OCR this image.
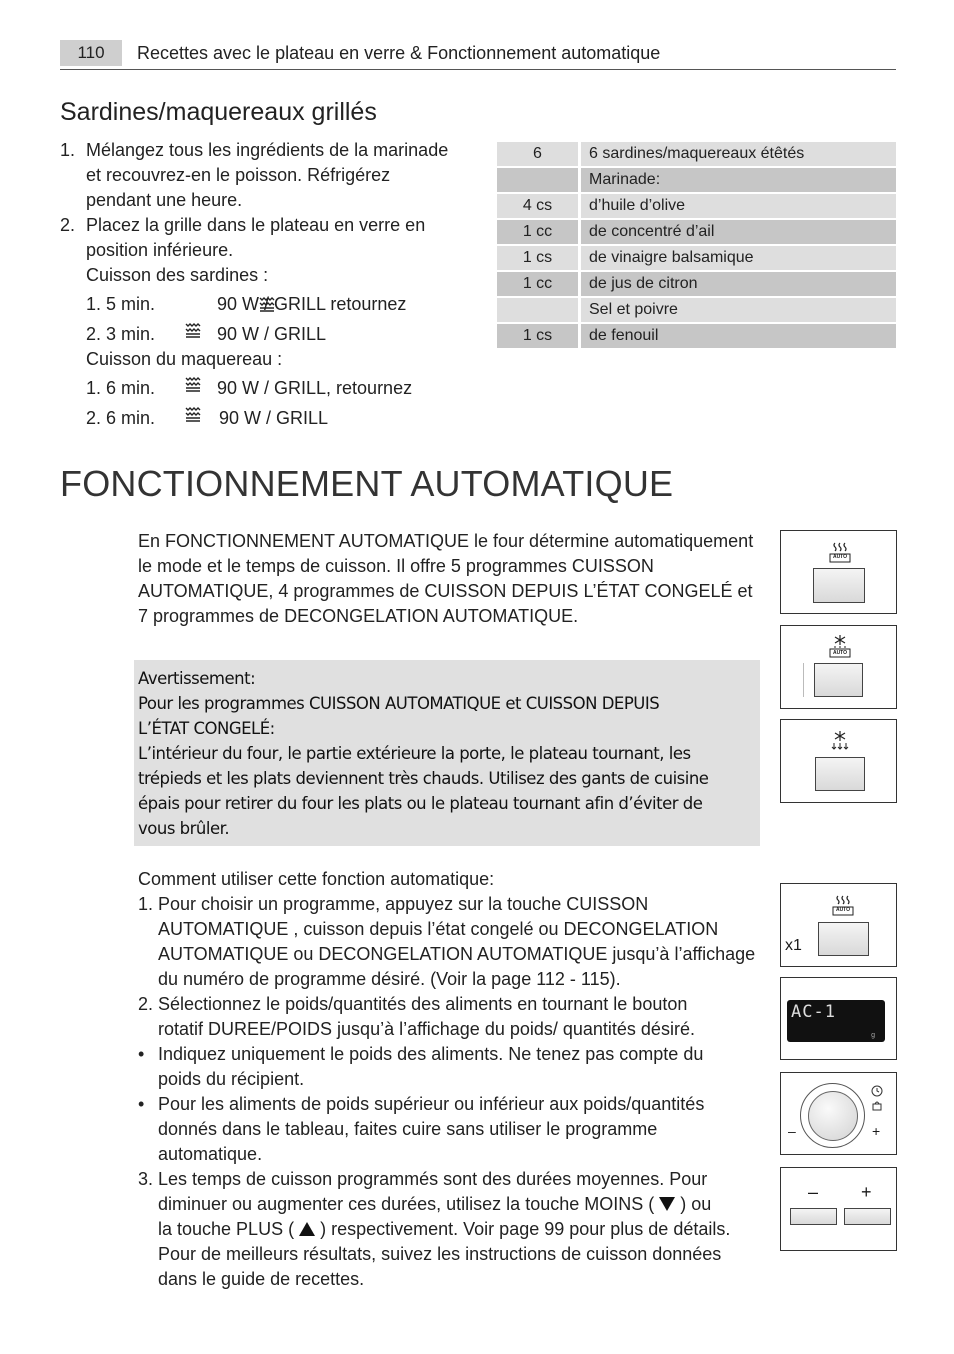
110	Recettes avec le plateau en verre & Fonctionnement automatique
Sardines/maquereaux grillés
1. Mélangez tous les ingrédients de la marinade
et recouvrez-en le poisson. Réfrigérez
pendant une heure.
2. Placez la grille dans le plateau en verre en
position inférieure.
Cuisson des sardines :
1. 5 min.	90 W / GRILL retournez
2. 3 min.	90 W / GRILL
Cuisson du maquereau :
1. 6 min.	90 W / GRILL, retournez
2. 6 min.	90 W / GRILL
6	6 sardines/maquereaux étêtés
	Marinade:
4 cs	d’huile d’olive
1 cc	de concentré d’ail
1 cs	de vinaigre balsamique
1 cc	de jus de citron
	Sel et poivre
1 cs	de fenouil
FONCTIONNEMENT AUTOMATIQUE
En FONCTIONNEMENT AUTOMATIQUE le four détermine automatiquement
le mode et le temps de cuisson. Il offre 5 programmes CUISSON
AUTOMATIQUE, 4 programmes de CUISSON DEPUIS L’ÉTAT CONGELÉ et
7 programmes de DECONGELATION AUTOMATIQUE.
Avertissement:
Pour les programmes CUISSON AUTOMATIQUE et CUISSON DEPUIS
L’ÉTAT CONGELÉ:
L’intérieur du four, le partie extérieure la porte, le plateau tournant, les
trépieds et les plats deviennent très chauds. Utilisez des gants de cuisine
épais pour retirer du four les plats ou le plateau tournant afin d’éviter de
vous brûler.
Comment utiliser cette fonction automatique:
1. Pour choisir un programme, appuyez sur la touche CUISSON
AUTOMATIQUE , cuisson depuis l’état congelé ou DECONGELATION
AUTOMATIQUE ou DECONGELATION AUTOMATIQUE jusqu’à l’affichage
du numéro de programme désiré. (Voir la page 112 - 115).
2. Sélectionnez le poids/quantités des aliments en tournant le bouton
rotatif DUREE/POIDS jusqu’à l’affichage du poids/ quantités désiré.
• Indiquez uniquement le poids des aliments. Ne tenez pas compte du
poids du récipient.
• Pour les aliments de poids supérieur ou inférieur aux poids/quantités
donnés dans le tableau, faites cuire sans utiliser le programme
automatique.
3. Les temps de cuisson programmés sont des durées moyennes. Pour
diminuer ou augmenter ces durées, utilisez la touche MOINS ( ) ou
la touche PLUS ( ) respectivement. Voir page 99 pour plus de détails.
Pour de meilleurs résultats, suivez les instructions de cuisson données
dans le guide de recettes.
AUTO
AUTO
AUTO
x1
AC-1
g
–	+
– +
